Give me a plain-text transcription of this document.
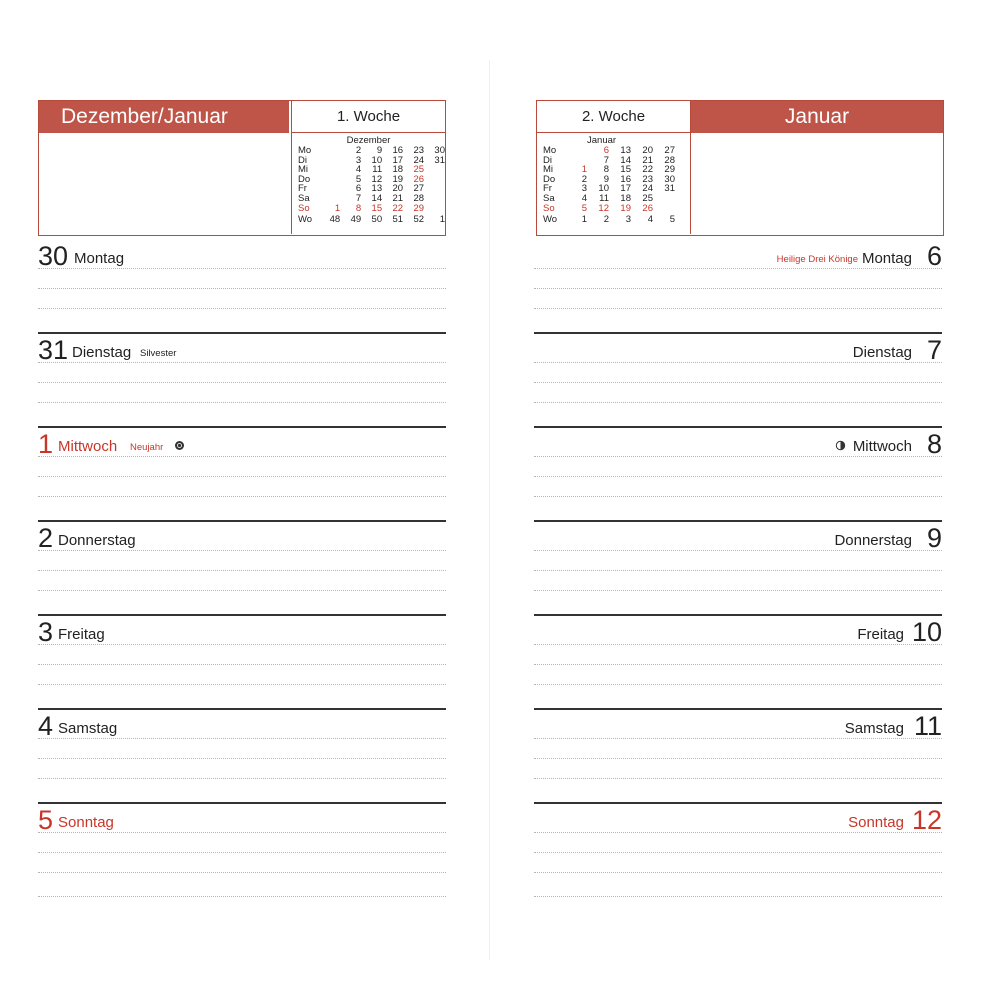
Dezember/Januar	1. Woche
Dezember
Mo		2	9	16	23	30
Di		3	10	17	24	31
Mi		4	11	18	25	
Do		5	12	19	26	
Fr		6	13	20	27	
Sa		7	14	21	28	
So	1	8	15	22	29	
Wo	48	49	50	51	52	1
30 Montag
31 Dienstag Silvester
1 Mittwoch Neujahr
2 Donnerstag
3 Freitag
4 Samstag
5 Sonntag
Januar
2. Woche
Januar
Mo		6	13	20	27
Di		7	14	21	28
Mi	1	8	15	22	29
Do	2	9	16	23	30
Fr	3	10	17	24	31
Sa	4	11	18	25	
So	5	12	19	26	
Wo	1	2	3	4	5
Heilige Drei Könige Montag 6
Dienstag 7
Mittwoch 8
Donnerstag 9
Freitag 10
Samstag 11
Sonntag 12
